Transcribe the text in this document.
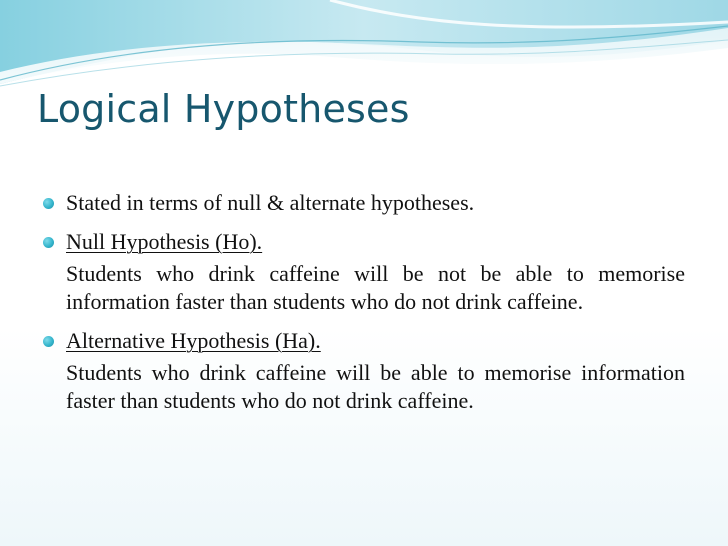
Logical Hypotheses
Stated in terms of null & alternate hypotheses.
Null Hypothesis (Ho).

Students who drink caffeine will be not be able to memorise information faster than students who do not drink caffeine.

Alternative Hypothesis (Ha).

Students who drink caffeine will be able to memorise information faster than students who do not drink caffeine.
